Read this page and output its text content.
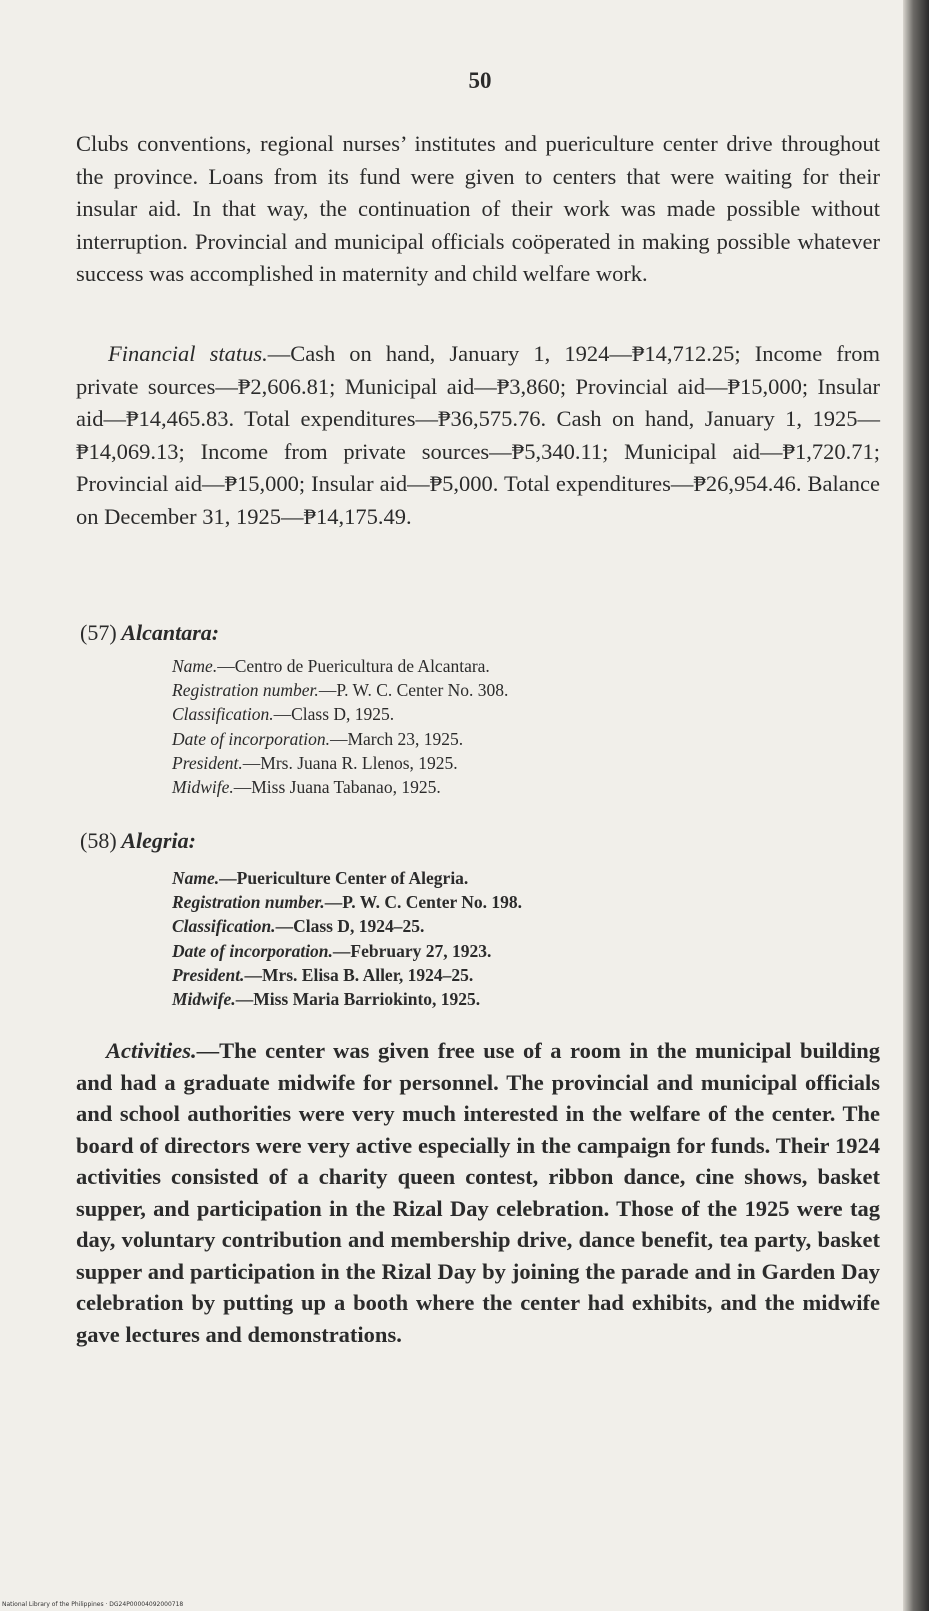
50

Clubs conventions, regional nurses’ institutes and puericulture center drive throughout the province. Loans from its fund were given to centers that were waiting for their insular aid. In that way, the continuation of their work was made possible without interruption. Provincial and municipal officials coöperated in making possible whatever success was accomplished in maternity and child welfare work.

Financial status.—Cash on hand, January 1, 1924—₱14,712.25; Income from private sources—₱2,606.81; Municipal aid—₱3,860; Provincial aid—₱15,000; Insular aid—₱14,465.83. Total expenditures—₱36,575.76. Cash on hand, January 1, 1925—₱14,069.13; Income from private sources—₱5,340.11; Municipal aid—₱1,720.71; Provincial aid—₱15,000; Insular aid—₱5,000. Total expenditures—₱26,954.46. Balance on December 31, 1925—₱14,175.49.

(57) Alcantara:
Name.—Centro de Puericultura de Alcantara.
Registration number.—P. W. C. Center No. 308.
Classification.—Class D, 1925.
Date of incorporation.—March 23, 1925.
President.—Mrs. Juana R. Llenos, 1925.
Midwife.—Miss Juana Tabanao, 1925.
(58) Alegria:
Name.—Puericulture Center of Alegria.
Registration number.—P. W. C. Center No. 198.
Classification.—Class D, 1924–25.
Date of incorporation.—February 27, 1923.
President.—Mrs. Elisa B. Aller, 1924–25.
Midwife.—Miss Maria Barriokinto, 1925.

Activities.—The center was given free use of a room in the municipal building and had a graduate midwife for personnel. The provincial and municipal officials and school authorities were very much interested in the welfare of the center. The board of directors were very active especially in the campaign for funds. Their 1924 activities consisted of a charity queen contest, ribbon dance, cine shows, basket supper, and participation in the Rizal Day celebration. Those of the 1925 were tag day, voluntary contribution and membership drive, dance benefit, tea party, basket supper and participation in the Rizal Day by joining the parade and in Garden Day celebration by putting up a booth where the center had exhibits, and the midwife gave lectures and demonstrations.

National Library of the Philippines · DG24P00004092000718
